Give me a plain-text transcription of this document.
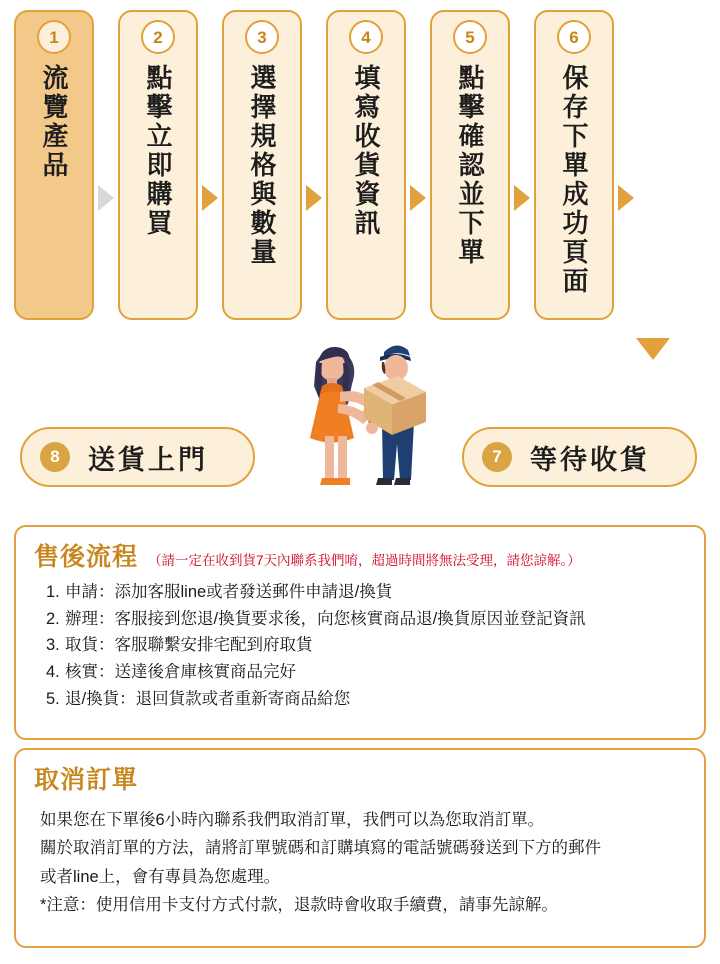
1
流覽產品
2
點擊立即購買
3
選擇規格與數量
4
填寫收貨資訊
5
點擊確認並下單
6
保存下單成功頁面
8	送貨上門	7	等待收貨
售後流程 （請一定在收到貨7天內聯系我們唷，超過時間將無法受理，請您諒解。）
1. 申請：添加客服line或者發送郵件申請退/換貨
2. 辦理：客服接到您退/換貨要求後，向您核實商品退/換貨原因並登記資訊
3. 取貨：客服聯繫安排宅配到府取貨
4. 核實：送達後倉庫核實商品完好
5. 退/換貨：退回貨款或者重新寄商品給您
取消訂單

如果您在下單後6小時內聯系我們取消訂單，我們可以為您取消訂單。

關於取消訂單的方法，請將訂單號碼和訂購填寫的電話號碼發送到下方的郵件

或者line上，會有專員為您處理。

*注意：使用信用卡支付方式付款，退款時會收取手續費，請事先諒解。
